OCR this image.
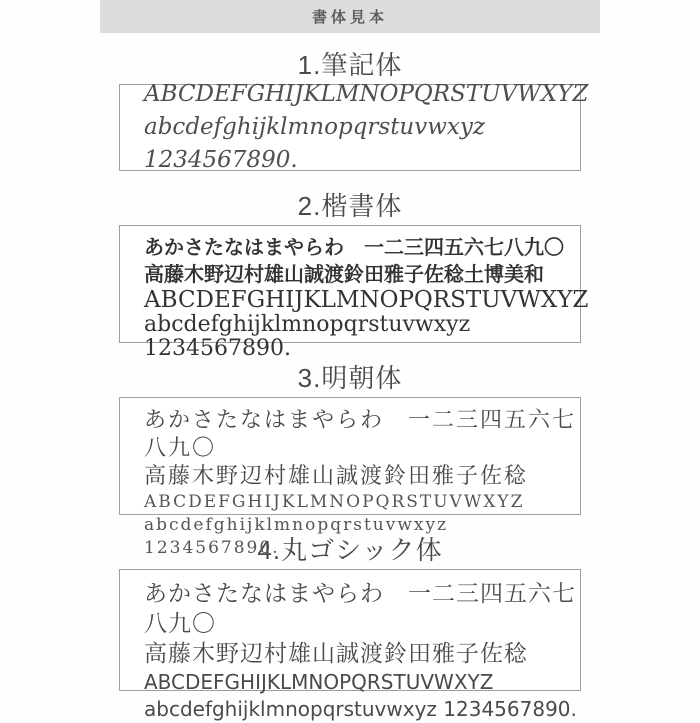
書体見本
1.筆記体
ABCDEFGHIJKLMNOPQRSTUVWXYZ
abcdefghijklmnopqrstuvwxyz 1234567890.
2.楷書体
あかさたなはまやらわ　一二三四五六七八九〇
高藤木野辺村雄山誠渡鈴田雅子佐稔土博美和
ABCDEFGHIJKLMNOPQRSTUVWXYZ
abcdefghijklmnopqrstuvwxyz 1234567890.
3.明朝体
あかさたなはまやらわ　一二三四五六七八九〇
高藤木野辺村雄山誠渡鈴田雅子佐稔
ABCDEFGHIJKLMNOPQRSTUVWXYZ
abcdefghijklmnopqrstuvwxyz 1234567890.
4.丸ゴシック体
あかさたなはまやらわ　一二三四五六七八九〇
高藤木野辺村雄山誠渡鈴田雅子佐稔
ABCDEFGHIJKLMNOPQRSTUVWXYZ
abcdefghijklmnopqrstuvwxyz 1234567890.
